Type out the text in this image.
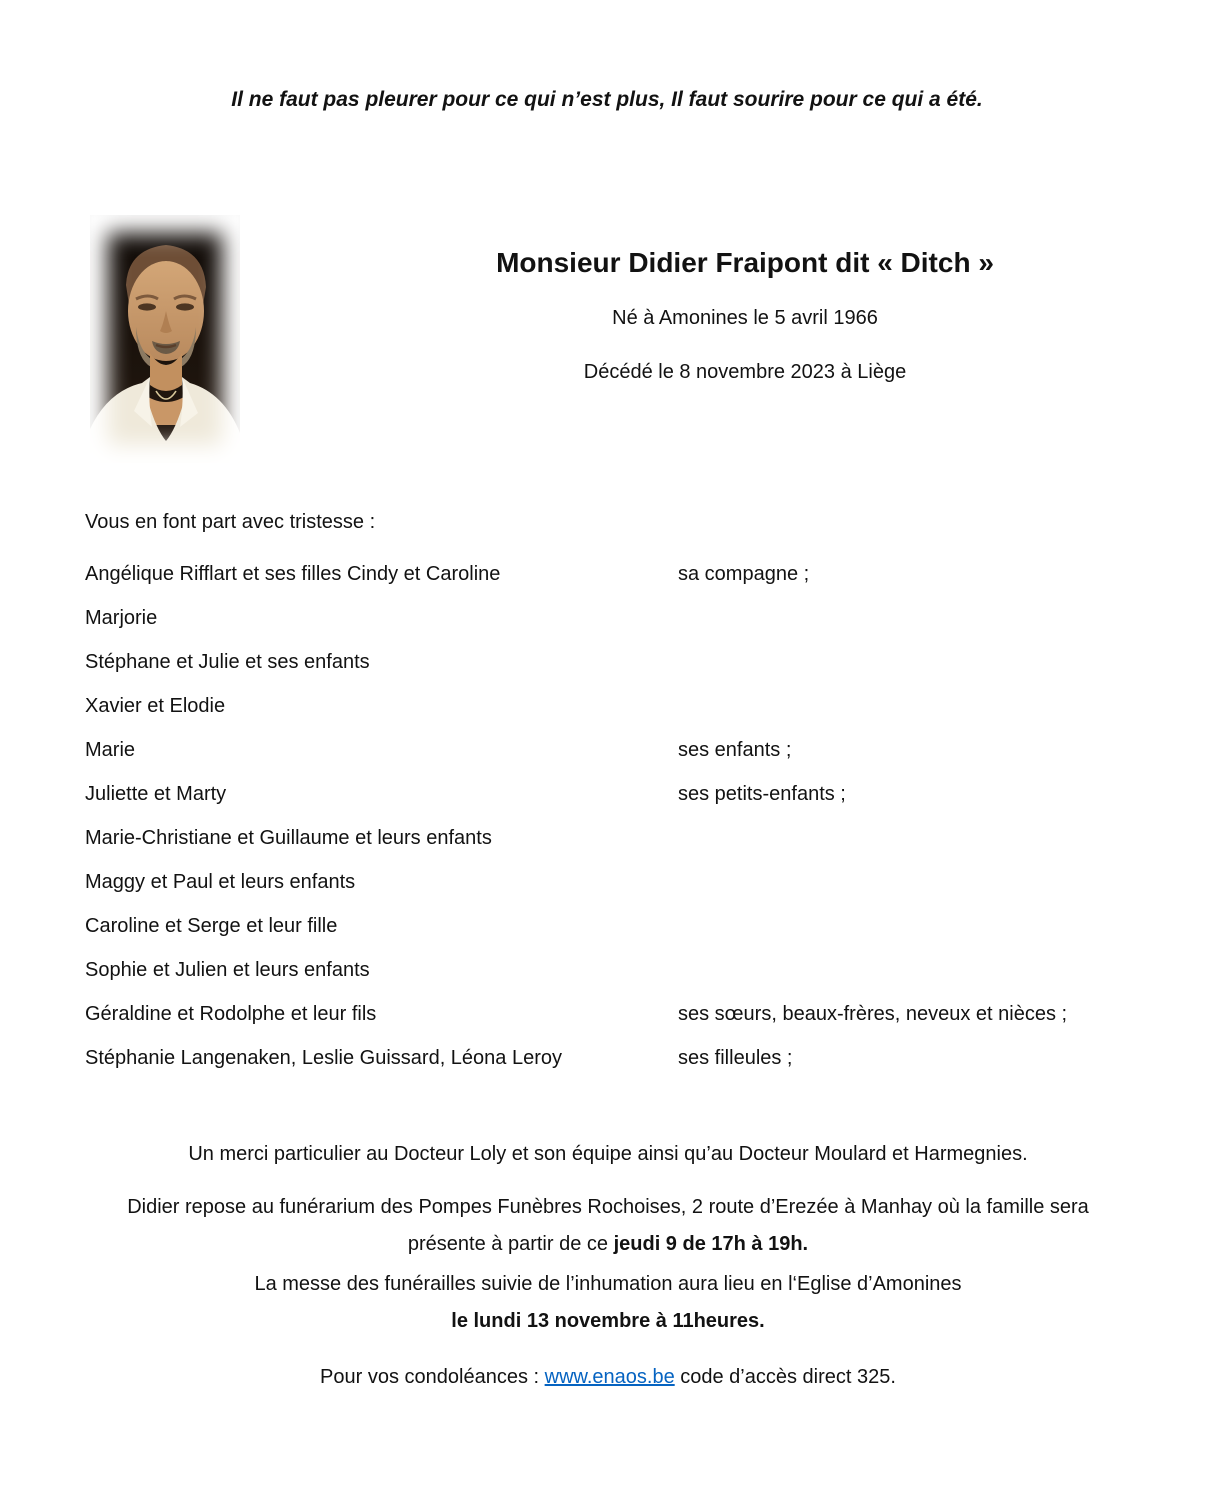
Il ne faut pas pleurer pour ce qui n’est plus, Il faut sourire pour ce qui a été.
Monsieur Didier Fraipont dit « Ditch »

Né à Amonines le 5 avril 1966

Décédé le 8 novembre 2023 à Liège

Vous en font part avec tristesse :
Angélique Rifflart et ses filles Cindy et Caroline	sa compagne ;
Marjorie
Stéphane et Julie et ses enfants
Xavier et Elodie
Marie	ses enfants ;
Juliette et Marty	ses petits-enfants ;
Marie-Christiane et Guillaume et leurs enfants
Maggy et Paul et leurs enfants
Caroline et Serge et leur fille
Sophie et Julien et leurs enfants
Géraldine et Rodolphe et leur fils	ses sœurs, beaux-frères, neveux et nièces ;
Stéphanie Langenaken, Leslie Guissard, Léona Leroy	ses filleules ;

Un merci particulier au Docteur Loly et son équipe ainsi qu’au Docteur Moulard et Harmegnies.

Didier repose au funérarium des Pompes Funèbres Rochoises, 2 route d’Erezée à Manhay où la famille sera présente à partir de ce jeudi 9 de 17h à 19h.

La messe des funérailles suivie de l’inhumation aura lieu en l‘Eglise d’Amonines
le lundi 13 novembre à 11heures.

Pour vos condoléances : www.enaos.be code d’accès direct 325.
